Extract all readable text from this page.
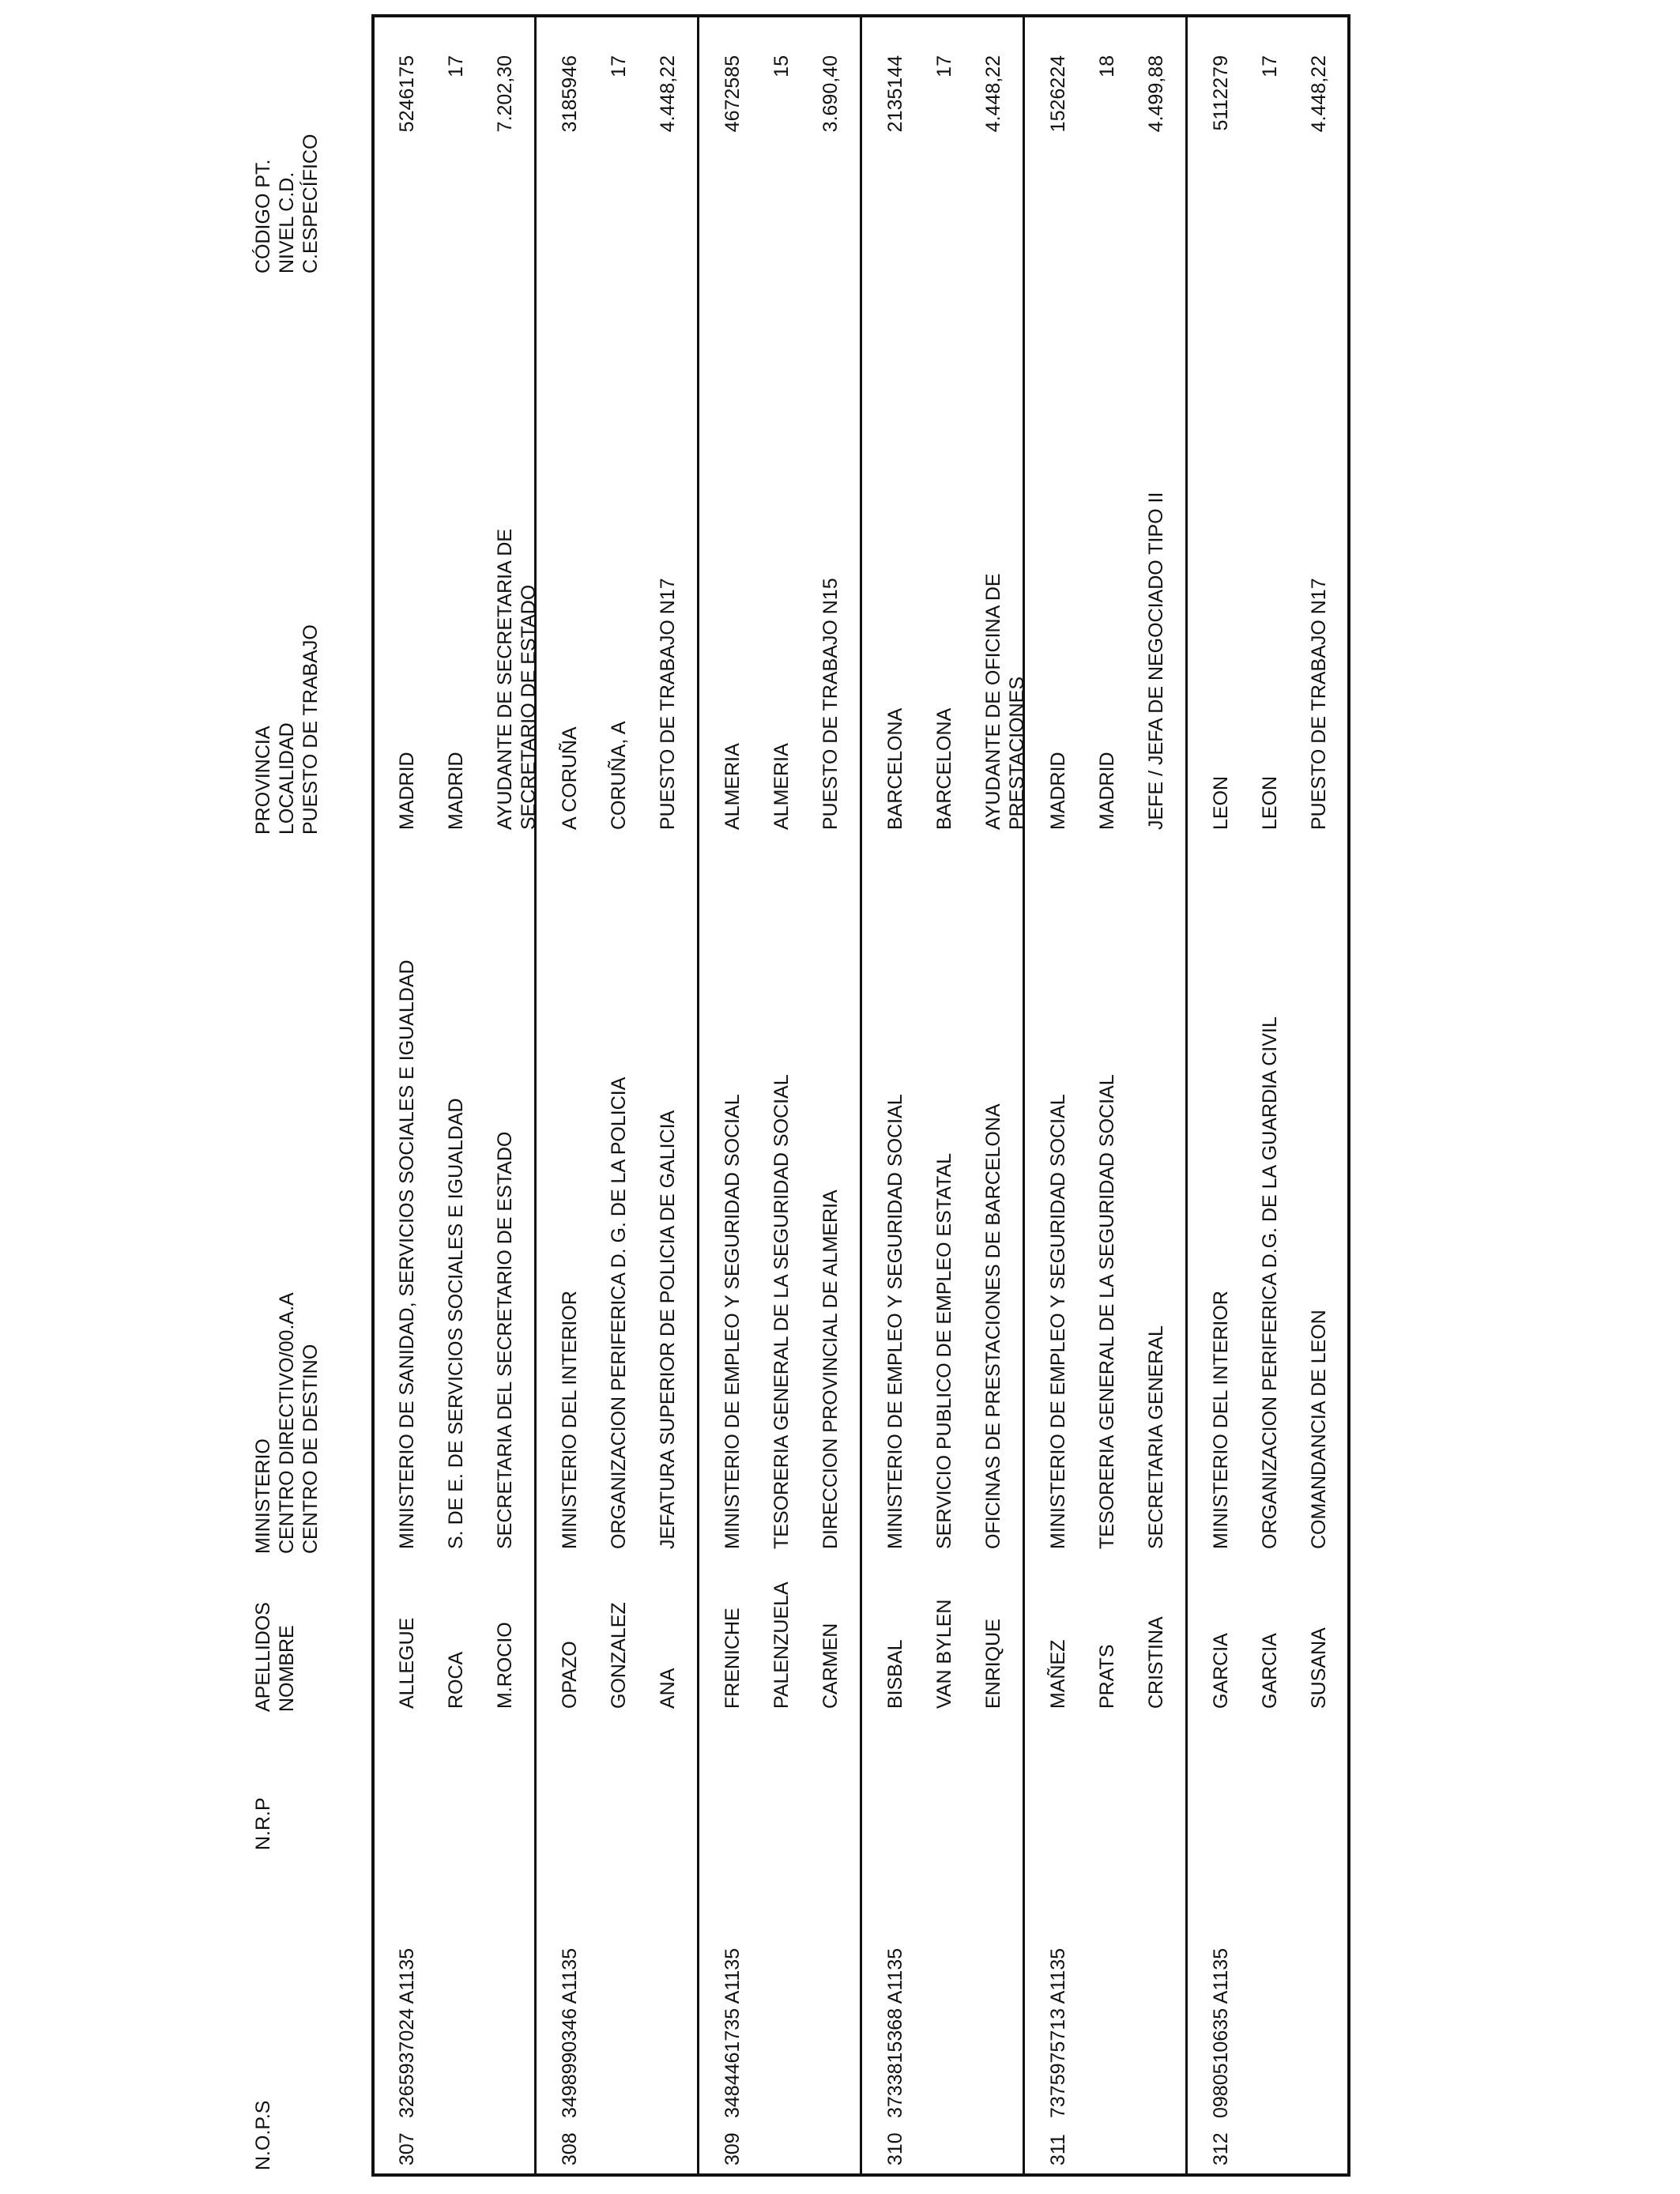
N.O.P.S
N.R.P
APELLIDOS
NOMBRE
MINISTERIO
CENTRO DIRECTIVO/00.A.A
CENTRO DE DESTINO
PROVINCIA
LOCALIDAD
PUESTO DE TRABAJO
CÓDIGO PT.
NIVEL C.D.
C.ESPECÍFICO
307
3265937024 A1135
ALLEGUE ROCA M.ROCIO
MINISTERIO DE SANIDAD, SERVICIOS SOCIALES E IGUALDAD S. DE E. DE SERVICIOS SOCIALES E IGUALDAD SECRETARIA DEL SECRETARIO DE ESTADO
MADRID MADRID AYUDANTE DE SECRETARIA DE SECRETARIO DE ESTADO
5246175 17 7.202,30
308
3498990346 A1135
OPAZO GONZALEZ ANA
MINISTERIO DEL INTERIOR ORGANIZACION PERIFERICA D. G. DE LA POLICIA JEFATURA SUPERIOR DE POLICIA DE GALICIA
A CORUÑA CORUÑA, A PUESTO DE TRABAJO N17
3185946 17 4.448,22
309
3484461735 A1135
FRENICHE PALENZUELA CARMEN
MINISTERIO DE EMPLEO Y SEGURIDAD SOCIAL TESORERIA GENERAL DE LA SEGURIDAD SOCIAL DIRECCION PROVINCIAL DE ALMERIA
ALMERIA ALMERIA PUESTO DE TRABAJO N15
4672585 15 3.690,40
310
3733815368 A1135
BISBAL VAN BYLEN ENRIQUE
MINISTERIO DE EMPLEO Y SEGURIDAD SOCIAL SERVICIO PUBLICO DE EMPLEO ESTATAL OFICINAS DE PRESTACIONES DE BARCELONA
BARCELONA BARCELONA AYUDANTE DE OFICINA DE PRESTACIONES
2135144 17 4.448,22
311
7375975713 A1135
MAÑEZ PRATS CRISTINA
MINISTERIO DE EMPLEO Y SEGURIDAD SOCIAL TESORERIA GENERAL DE LA SEGURIDAD SOCIAL SECRETARIA GENERAL
MADRID MADRID JEFE / JEFA DE NEGOCIADO TIPO II
1526224 18 4.499,88
312
0980510635 A1135
GARCIA GARCIA SUSANA
MINISTERIO DEL INTERIOR ORGANIZACION PERIFERICA D.G. DE LA GUARDIA CIVIL COMANDANCIA DE LEON
LEON LEON PUESTO DE TRABAJO N17
5112279 17 4.448,22
